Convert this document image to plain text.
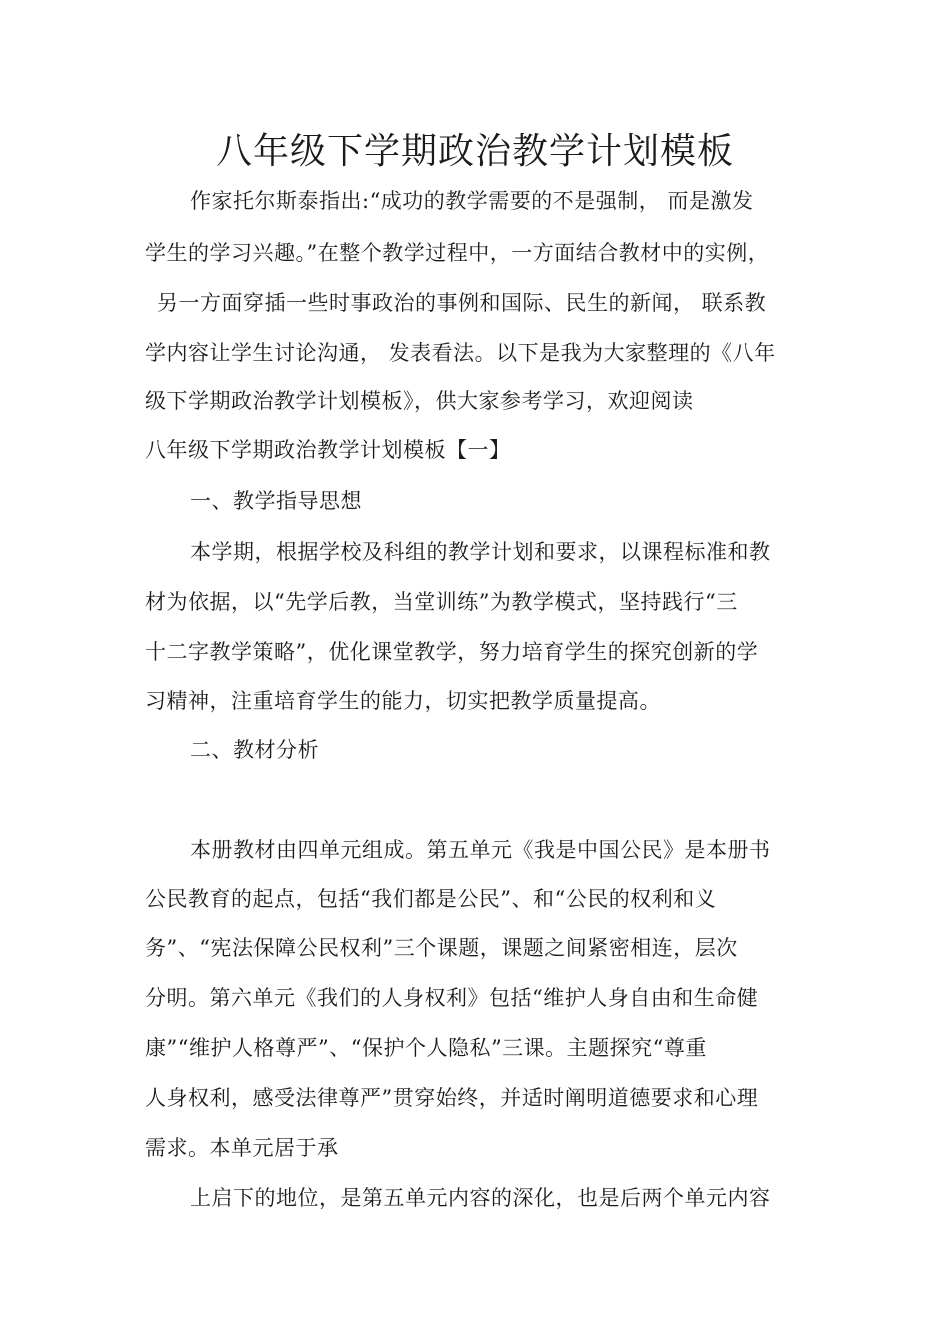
八年级下学期政治教学计划模板
作家托尔斯泰指出:“成功的教学需要的不是强制， 而是激发
学生的学习兴趣。”在整个教学过程中，一方面结合教材中的实例，
另一方面穿插一些时事政治的事例和国际、民生的新闻， 联系教
学内容让学生讨论沟通， 发表看法。以下是我为大家整理的《八年
级下学期政治教学计划模板》，供大家参考学习，欢迎阅读
八年级下学期政治教学计划模板【一】
一、教学指导思想
本学期，根据学校及科组的教学计划和要求，以课程标准和教
材为依据，以“先学后教，当堂训练”为教学模式，坚持践行“三
十二字教学策略”，优化课堂教学，努力培育学生的探究创新的学
习精神，注重培育学生的能力，切实把教学质量提高。
二、教材分析
本册教材由四单元组成。第五单元《我是中国公民》是本册书
公民教育的起点，包括“我们都是公民”、和“公民的权利和义
务”、“宪法保障公民权利”三个课题，课题之间紧密相连，层次
分明。第六单元《我们的人身权利》包括“维护人身自由和生命健
康”“维护人格尊严”、“保护个人隐私”三课。主题探究“尊重
人身权利，感受法律尊严”贯穿始终，并适时阐明道德要求和心理
需求。本单元居于承
上启下的地位，是第五单元内容的深化，也是后两个单元内容
